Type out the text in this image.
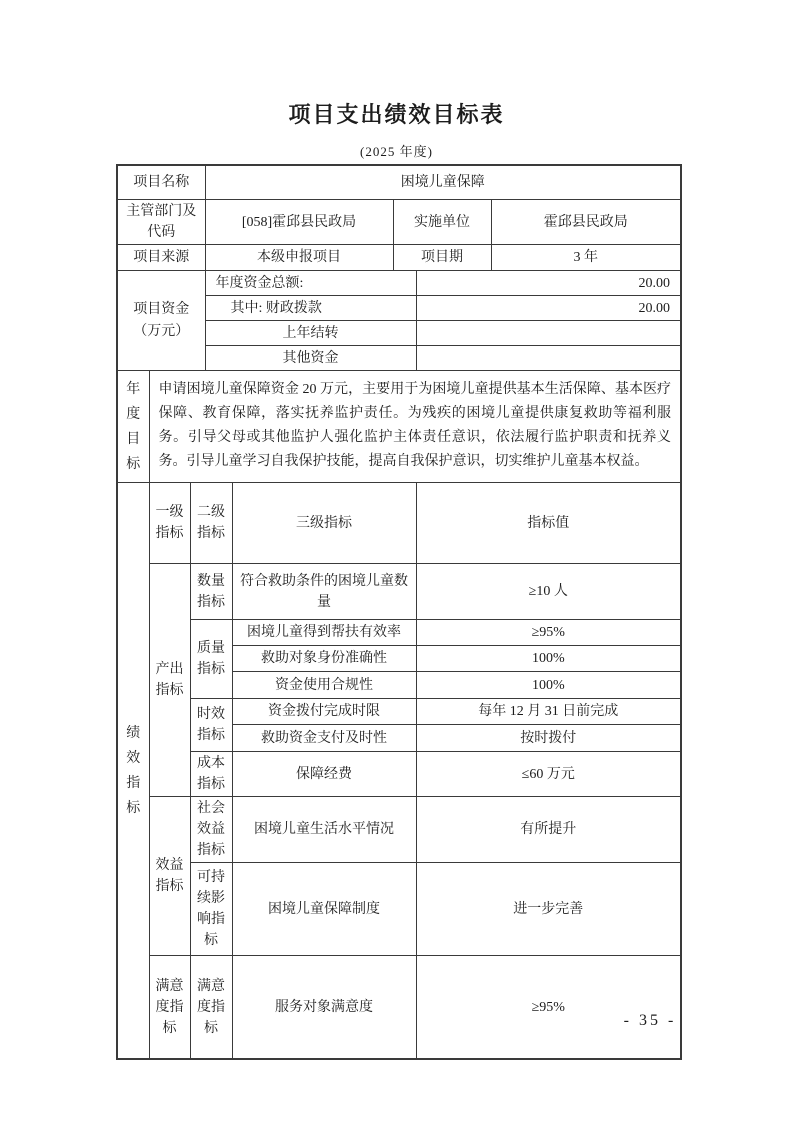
项目支出绩效目标表
(2025 年度)
项目名称			困境儿童保障				
主管部门及代码			[058]霍邱县民政局		实施单位		霍邱县民政局
项目来源			本级申报项目		项目期		3 年

项目资金
（万元）			年度资金总额:			20.00	
			其中: 财政拨款			20.00	
			上年结转				
			其他资金				

年度目标	申请困境儿童保障资金 20 万元，主要用于为困境儿童提供基本生活保障、基本医疗保障、教育保障，落实抚养监护责任。为残疾的困境儿童提供康复救助等福利服务。引导父母或其他监护人强化监护主体责任意识，依法履行监护职责和抚养义务。引导儿童学习自我保护技能，提高自我保护意识，切实维护儿童基本权益。						

绩效指标	一级指标	二级指标		三级指标		指标值	
	产出指标	数量指标		符合救助条件的困境儿童数量		≥10 人	
		质量指标		困境儿童得到帮扶有效率		≥95%	
				救助对象身份准确性		100%	
				资金使用合规性		100%	
		时效指标		资金拨付完成时限		每年 12 月 31 日前完成	
				救助资金支付及时性		按时拨付	
		成本指标		保障经费		≤60 万元	
	效益指标	社会效益指标		困境儿童生活水平情况		有所提升	
		可持续影响指标		困境儿童保障制度		进一步完善	
	满意度指标	满意度指标		服务对象满意度		≥95%	
- 35 -
